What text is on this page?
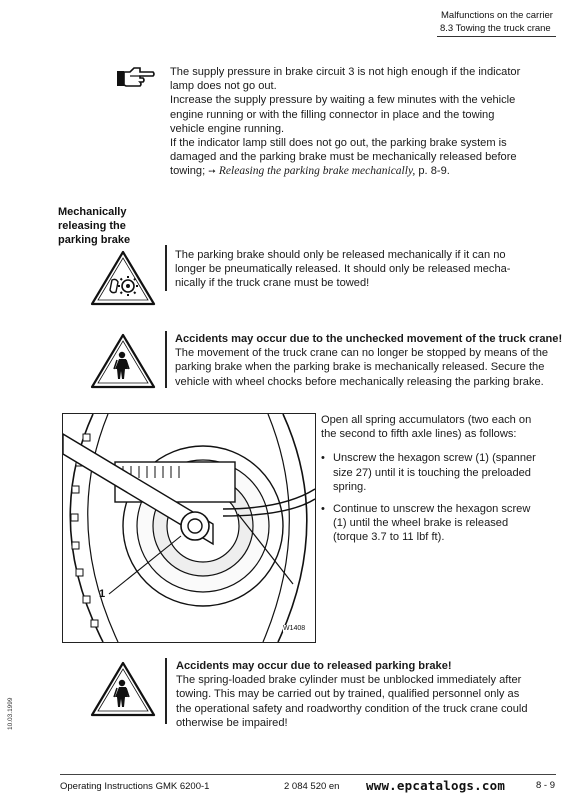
Malfunctions on the carrier
8.3 Towing the truck crane
The supply pressure in brake circuit 3 is not high enough if the indicator
lamp does not go out.
Increase the supply pressure by waiting a few minutes with the vehicle
engine running or with the filling connector in place and the towing
vehicle engine running.
If the indicator lamp still does not go out, the parking brake system is
damaged and the parking brake must be mechanically released before
towing; ➙ Releasing the parking brake mechanically, p. 8-9.
Mechanically
releasing the
parking brake
The parking brake should only be released mechanically if it can no
longer be pneumatically released. It should only be released mecha-
nically if the truck crane must be towed!
Accidents may occur due to the unchecked movement of the truck crane!
The movement of the truck crane can no longer be stopped by means of the
parking brake when the parking brake is mechanically released. Secure the
vehicle with wheel chocks before mechanically releasing the parking brake.
1
W1408
Open all spring accumulators (two each on
the second to fifth axle lines) as follows:
• Unscrew the hexagon screw (1) (spanner
size 27) until it is touching the preloaded
spring.
• Continue to unscrew the hexagon screw
(1) until the wheel brake is released
(torque 3.7 to 11 lbf ft).
Accidents may occur due to released parking brake!
The spring-loaded brake cylinder must be unblocked immediately after
towing. This may be carried out by trained, qualified personnel only as
the operational safety and roadworthy condition of the truck crane could
otherwise be impaired!
10.03.1999
Operating Instructions GMK 6200-1	2 084 520 en www.epcatalogs.com	8 - 9
